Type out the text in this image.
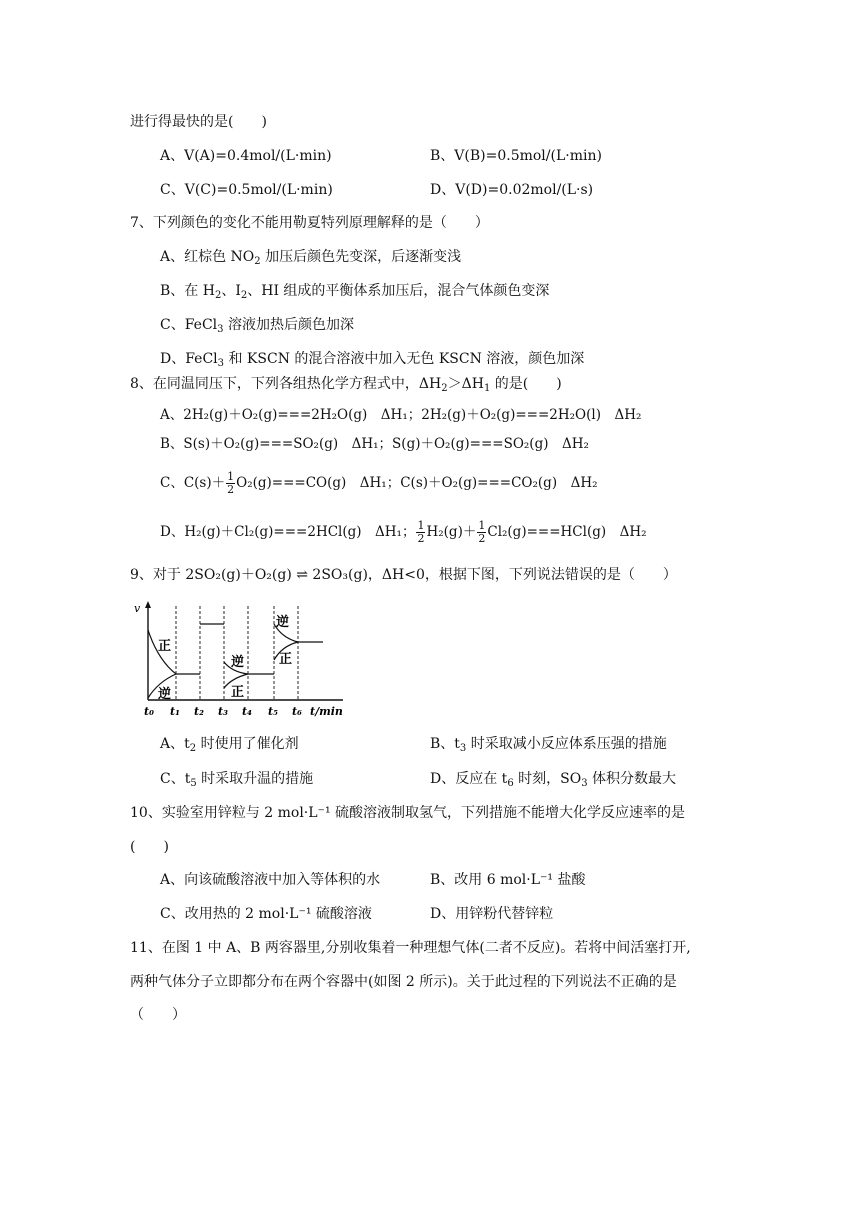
进行得最快的是(　　)
A、V(A)=0.4mol/(L·min)	B、V(B)=0.5mol/(L·min)
C、V(C)=0.5mol/(L·min)	D、V(D)=0.02mol/(L·s)
7、下列颜色的变化不能用勒夏特列原理解释的是（　　）
A、红棕色 $NO_2$ 加压后颜色先变深，后逐渐变浅
B、在 $H_2$、$I_2$、HI 组成的平衡体系加压后，混合气体颜色变深
C、FeCl$_3$ 溶液加热后颜色加深
D、FeCl$_3$ 和 KSCN 的混合溶液中加入无色 KSCN 溶液，颜色加深
8、在同温同压下，下列各组热化学方程式中，$\Delta H_2>\Delta H_1$ 的是(　　)
A、2H₂(g)＋O₂(g)===2H₂O(g)　ΔH₁；2H₂(g)＋O₂(g)===2H₂O(l)　ΔH₂
B、S(s)＋O₂(g)===SO₂(g)　ΔH₁；S(g)＋O₂(g)===SO₂(g)　ΔH₂
C、$C(s)+ \frac{1}{2} O_2(g)===CO(g)$　ΔH₁；C(s)＋O₂(g)===CO₂(g)　ΔH₂
D、H₂(g)＋Cl₂(g)===2HCl(g)　ΔH₁； $\frac{1}{2} H_2(g)+ \frac{1}{2} Cl_2(g)===HCl(g)$　ΔH₂
9、对于 2SO₂(g)＋O₂(g) ⇌ 2SO₃(g)，ΔH<0，根据下图，下列说法错误的是（　　）
v
正
逆
逆
正
逆
正
t₀ t₁ t₂ t₃ t₄ t₅ t₆ t/min
A、$t_2$ 时使用了催化剂	B、$t_3$ 时采取减小反应体系压强的措施
C、$t_5$ 时采取升温的措施	D、反应在 $t_6$ 时刻，$SO_3$ 体积分数最大
10、实验室用锌粒与 2 mol·L⁻¹ 硫酸溶液制取氢气，下列措施不能增大化学反应速率的是
(　　)
A、向该硫酸溶液中加入等体积的水	B、改用 6 mol·L⁻¹ 盐酸
C、改用热的 2 mol·L⁻¹ 硫酸溶液	D、用锌粉代替锌粒
11、在图 1 中 A、B 两容器里,分别收集着一种理想气体(二者不反应)。若将中间活塞打开,
两种气体分子立即都分布在两个容器中(如图 2 所示)。关于此过程的下列说法不正确的是
（　　）
